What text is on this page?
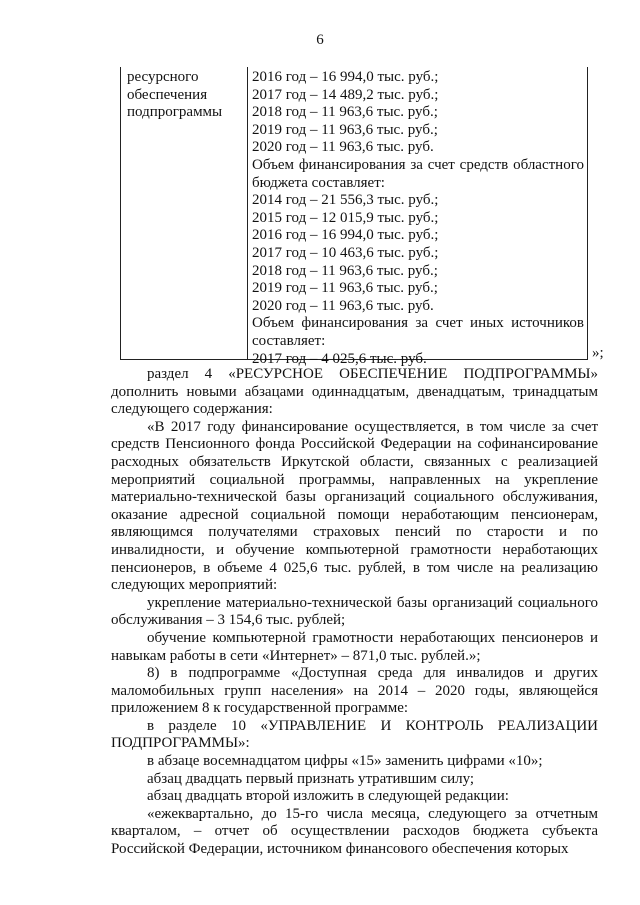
6
ресурсного обеспечения подпрограммы
2016 год – 16 994,0 тыс. руб.;
2017 год – 14 489,2 тыс. руб.;
2018 год – 11 963,6 тыс. руб.;
2019 год – 11 963,6 тыс. руб.;
2020 год – 11 963,6 тыс. руб.
Объем финансирования за счет средств областного бюджета составляет:
2014 год – 21 556,3 тыс. руб.;
2015 год – 12 015,9 тыс. руб.;
2016 год – 16 994,0 тыс. руб.;
2017 год – 10 463,6 тыс. руб.;
2018 год – 11 963,6 тыс. руб.;
2019 год – 11 963,6 тыс. руб.;
2020 год – 11 963,6 тыс. руб.
Объем финансирования за счет иных источников составляет:
2017 год – 4 025,6 тыс. руб.	»;

раздел 4 «РЕСУРСНОЕ ОБЕСПЕЧЕНИЕ ПОДПРОГРАММЫ» дополнить новыми абзацами одиннадцатым, двенадцатым, тринадцатым следующего содержания:

«В 2017 году финансирование осуществляется, в том числе за счет средств Пенсионного фонда Российской Федерации на софинансирование расходных обязательств Иркутской области, связанных с реализацией мероприятий социальной программы, направленных на укрепление материально-технической базы организаций социального обслуживания, оказание адресной социальной помощи неработающим пенсионерам, являющимся получателями страховых пенсий по старости и по инвалидности, и обучение компьютерной грамотности неработающих пенсионеров, в объеме 4 025,6 тыс. рублей, в том числе на реализацию следующих мероприятий:

укрепление материально-технической базы организаций социального обслуживания – 3 154,6 тыс. рублей;

обучение компьютерной грамотности неработающих пенсионеров и навыкам работы в сети «Интернет» – 871,0 тыс. рублей.»;

8) в подпрограмме «Доступная среда для инвалидов и других маломобильных групп населения» на 2014 – 2020 годы, являющейся приложением 8 к государственной программе:

в разделе 10 «УПРАВЛЕНИЕ И КОНТРОЛЬ РЕАЛИЗАЦИИ ПОДПРОГРАММЫ»:

в абзаце восемнадцатом цифры «15» заменить цифрами «10»;

абзац двадцать первый признать утратившим силу;

абзац двадцать второй изложить в следующей редакции:

«ежеквартально, до 15-го числа месяца, следующего за отчетным кварталом, – отчет об осуществлении расходов бюджета субъекта Российской Федерации, источником финансового обеспечения которых
